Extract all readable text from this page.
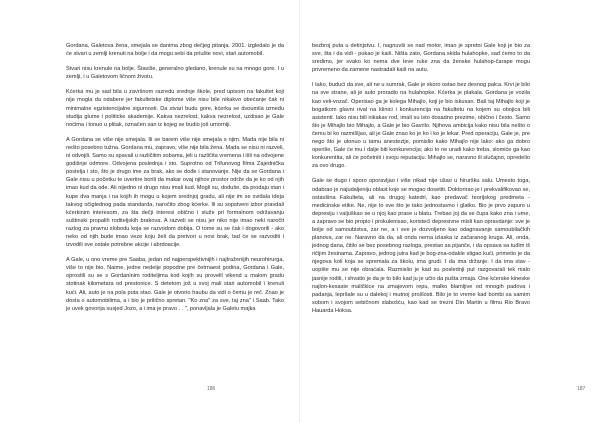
Gordana, Galetova žena, smejala se danima zbog dečjeg pitanja. 2001. izgledalo je da će stvari u zemlji krenuti na bolje i da mogu sebi da priušte novi, stari automobil.

Stvari nisu krenule na bolje. Štaviše, generalno gledano, krenule su na mnogo gore. I u zemlji, i u Galetovom ličnom životu.

Kćerka mu je sad bila u završnom razredu srednje škole, pred upisom na fakultet koji nije mogla da odabere jer fakultetske diplome više nisu bile nikakvo obećanje čak ni minimalne egzistencijalne sigurnosti. Da stvari budu gore, kćerka se dvoumila između studija glume i politicke akademije. Kakva nezrelost, kakva nezrelost, uzdisao je Gale noćima i tonuo u plitak, označen san iz kojeg se budio još umorniji.

A Gordana se više nije smejala. Ili se barem više nije smejala s njim. Mada nije bila ni nešto posebno tužna. Gordana mu, zapravo, više nije bila žena. Mada se nisu ni razveli, ni odvojili. Samo su spavali u različitim sobama, jeli u različita vremena i išli na odvojene godišnje odmore. Odvojena poslednja i sto. Suprotno od Trifunovog filma Zajednička postelja i sto, što je drugo ime za brak, ako se dođe i stanovanje. Nije da se Gordana i Gale nisu u početku te uvertire borili da makar ovaj njihov prostor održe da je ko od njih imao kud da ode. Ali nijedno ni drugo nisu imali kud. Mogli su, doduše, da prodaju stan i kupe dva manja i na kojih ih mogu u kojem srednjoj gradu, ali nije im se sviđala ideja takvog očiglednog pada standarda, naročito zbog kćerke. Ili su sopstveni izbor pravdali kćerkinim interesom, za šta dečji interesi obično i služe pri formalnom održavanju suštinski propalih roditeljskih brakova. A razveli se nisu jer niko nije imao neki naročit razlog za pravnu slobodu koja se razvodom dobija. O tome su se čak i dogovorili - ako neko od njih bude imao veze koju želi da pretvori u novi brak, tad će se razvoditi i izvodili sve ostale potrebne akcije i abrdoacije.

A Gale, u ono vreme pre Saaba, jedan od najperspektivnijih i najtraženijih neurohirurga, više to nije bio. Naime, jedne nedelje popodne pre četrnaest godina, Gordana i Gale, oprostili su se s Gordaninim roditeljima kod kojih su provelil vikend u malom gradu stotinak kilometara od prestonice. S detetom još u svoj mali stari automobil i krenuli kući. Ali, auto je na pola puta stao. Gale je otvorio haubu da vidi o čemu je reč. Znao je dosta o automobilima, a i bio je prilično spretan. "Ko zna" za sve, taj zna" i Saab. Tako je uvek govorija susjed Jozo, a i ima je pravo . . ", ponavljala je Galetu majka

186

bezbroj puta u detinjstvu. I, nagnuvši se nad motor, imao je spretni Gale koji je bio za sve, šta i da vidi - pukao je kaiš. Ništa zato, Gordana skida hulahopke, sad ćemo to da sredimo, jer svako ko nema dve leve ruke zna da ženske hulahop-čarape mogu privremeno da zamene nastradali kaiš na autu.

I tako, budući da sve, ali ne u sumrak, Gale je skoro ostao bez desnog palca. Krvi je bilo na sve strane, ali je auto proradio na hulahopke. Kćerka je plakala. Gordana je vozila kao veli-vozač. Operisao ga je kolega Mihajlo, koji je bio iskusan. Baš taj Mihajlo koji je bogatkom glavni rival na klinici i konkurencija na fakultetu na kojem su obojica bili asistenti. Iako nisu bili nikakav rod, imali su isto dosadno prezime, obično i često. Samo što je Mihajlo bio Mihajlo, a Gale je bio Gavrilo. Njihova ambicija kako nisu bila nešto o čemu bi ko razmišljao, ali je Gale znao ko je ko i ko je lekar. Pred operaciju, Gale je, pre nego što je utonuo u tamu anestezije, pomislio kako Mihajlo nije lako: ako ga dobro operiše, Gale će mu i dalje biti konkurencija; ako to ne uradi kako treba, slomiće ga kao konkurentita, ali će početniti i svoju reputaciju. Mihajlo se, naravno ili slučajno, opredelio za ovo drugo.

Gale se dugo i sporo oporavljao i više nikad nije ušao u hiruršku salu. Umesto toga, odabrao je najudaljeniju oblast koje se mogao dosetiti. Doktorirao je i prekvalifikovao se, ostavšina Fakulteta, ali na drugoj katedri, kao predavač teorijskog predmeta - medicinske etike. Ne, nije to sve što je tako jednostavno i glatko. Bio je prvo zapuro u depresiju i valjuškao se u njoj kao prase u blatu. Trebao joj da se čupa kako zna i ume, a zapravo se bio propio i prokulenisao, koristeći depresivne misli kao opravdanje: sve je bolje od samoubistva, zar ne, a i sve je dozvoljeno kao odagnavanje samoubilačkih planova, zar ne. Naravno da da, ali onda nema izlaska iz začaranog kruga. Ali, onda, jednog dana, čitilo se bez posebnog razloga, prestao sa pijanče, i da opsava sa tuđim iš ričijim žesinama. Zapravo, jednog jutra kad je bog-zna-odakle stigao kući, primetio je da njegova koli koja se spremala za školu, ima grudi. I da ima držanje. I da ima stav - uopšte mu se nije obraćala. Razmislio je kad su poslednji put razgovarali tek malo jasnije roditi, i shvatio je da je to bilo kad ju je učio da pušta zmaja. One kćerske kineske najlon-kesaste maličkice na zmajevom repu, malko blamljive od mnogih padova i padanja, lepršale su u dalekoj i mutnoj prošlosti. Bilo je to vreme kad bombi sa samim sobom i svojom sebičnom slabošću, kao kad se trezni Din Martin u filmu Rio Bravo Hauarda Hoksa.

187
